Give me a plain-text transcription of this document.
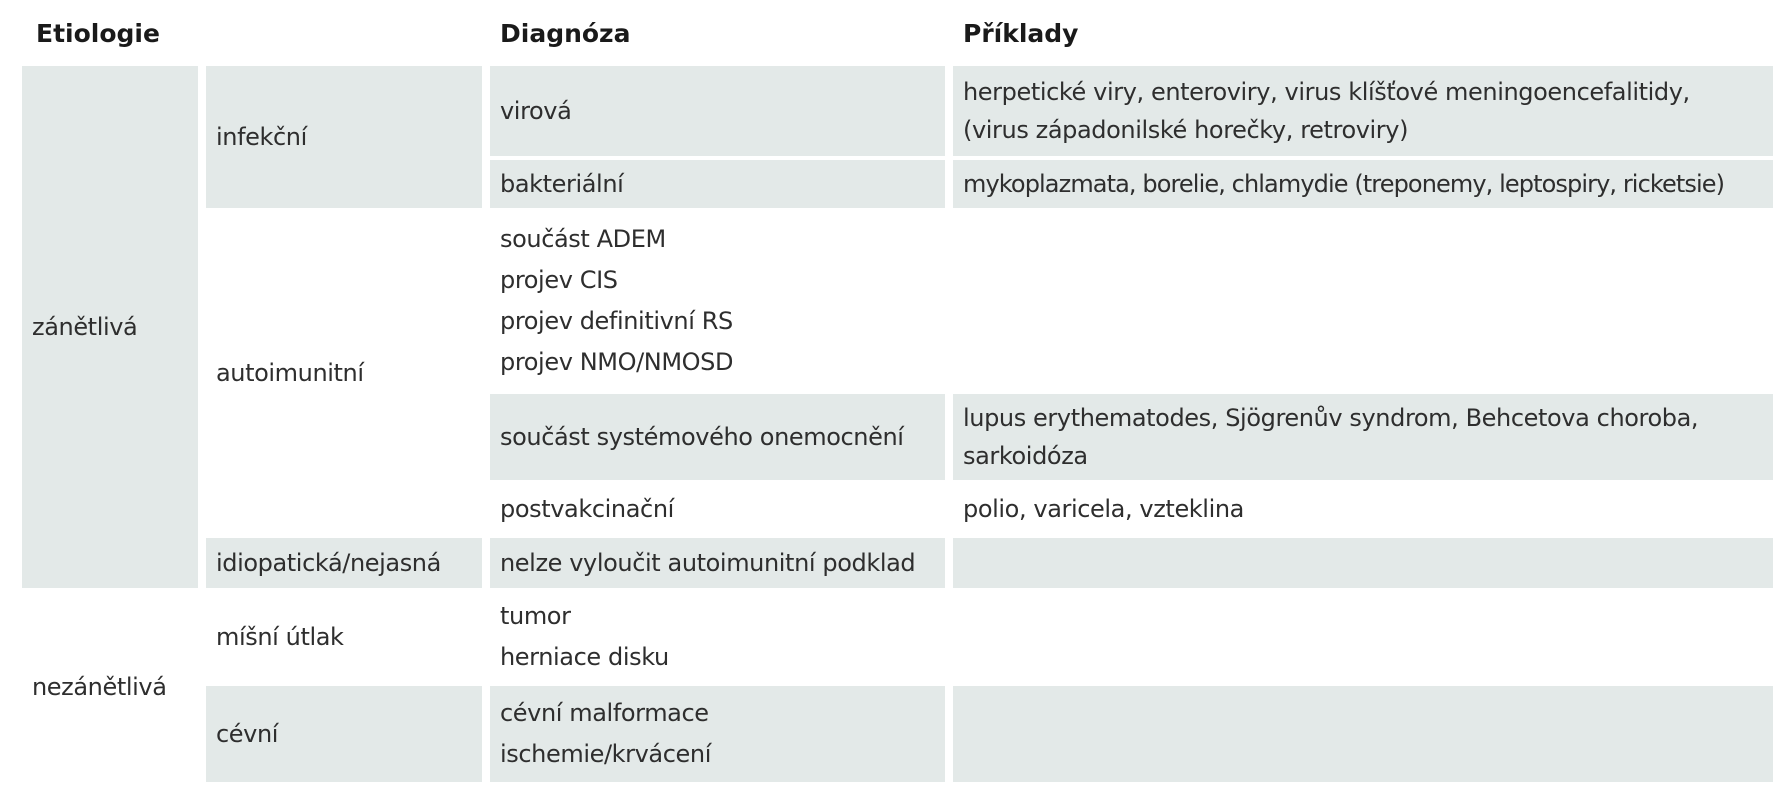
Etiologie	Diagnóza	Příklady
zánětlivá
nezánětlivá
infekční
autoimunitní
idiopatická/nejasná
míšní útlak
cévní
virová
bakteriální
součást ADEM
projev CIS
projev definitivní RS
projev NMO/NMOSD
součást systémového onemocnění
postvakcinační
nelze vyloučit autoimunitní podklad
tumor
herniace disku
cévní malformace
ischemie/krvácení
herpetické viry, enteroviry, virus klíšťové meningoencefalitidy,
(virus západonilské horečky, retroviry)
mykoplazmata, borelie, chlamydie (treponemy, leptospiry, ricketsie)
lupus erythematodes, Sjögrenův syndrom, Behcetova choroba,
sarkoidóza
polio, varicela, vzteklina
